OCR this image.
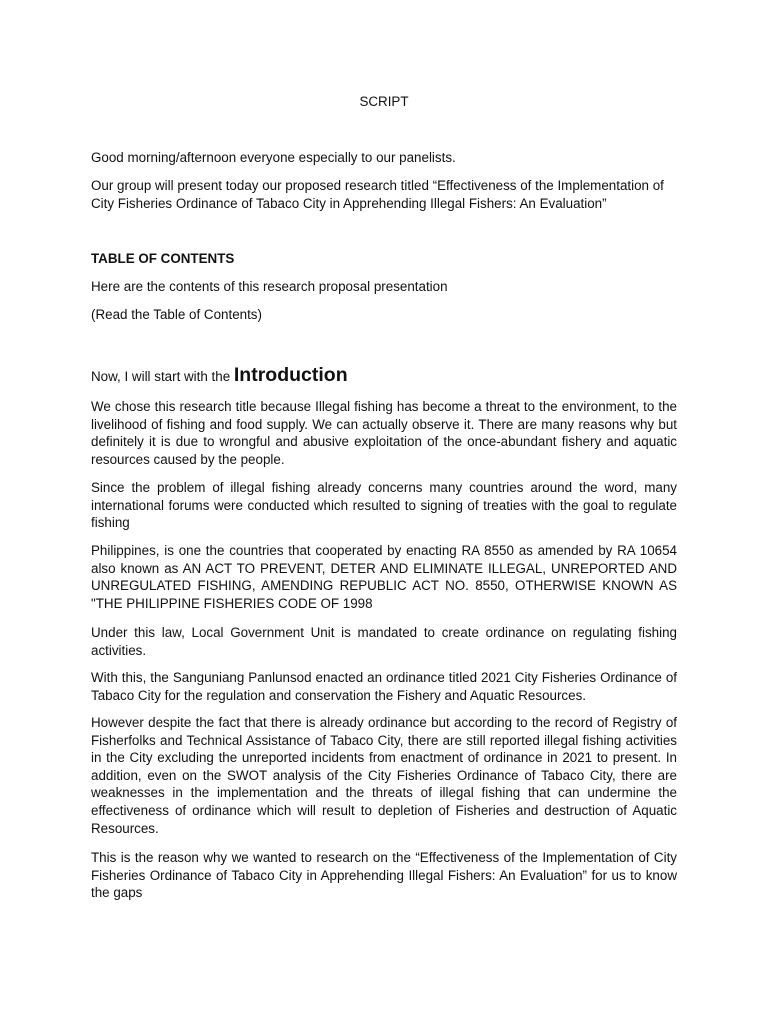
SCRIPT

Good morning/afternoon everyone especially to our panelists.

Our group will present today our proposed research titled “Effectiveness of the Implementation of City Fisheries Ordinance of Tabaco City in Apprehending Illegal Fishers: An Evaluation”

TABLE OF CONTENTS

Here are the contents of this research proposal presentation

(Read the Table of Contents)

Now, I will start with the Introduction

We chose this research title because Illegal fishing has become a threat to the environment, to the livelihood of fishing and food supply. We can actually observe it. There are many reasons why but definitely it is due to wrongful and abusive exploitation of the once-abundant fishery and aquatic resources caused by the people.

Since the problem of illegal fishing already concerns many countries around the word, many international forums were conducted which resulted to signing of treaties with the goal to regulate fishing

Philippines, is one the countries that cooperated by enacting RA 8550 as amended by RA 10654 also known as AN ACT TO PREVENT, DETER AND ELIMINATE ILLEGAL, UNREPORTED AND UNREGULATED FISHING, AMENDING REPUBLIC ACT NO. 8550, OTHERWISE KNOWN AS "THE PHILIPPINE FISHERIES CODE OF 1998

Under this law, Local Government Unit is mandated to create ordinance on regulating fishing activities.

With this, the Sanguniang Panlunsod enacted an ordinance titled 2021 City Fisheries Ordinance of Tabaco City for the regulation and conservation the Fishery and Aquatic Resources.

However despite the fact that there is already ordinance but according to the record of Registry of Fisherfolks and Technical Assistance of Tabaco City, there are still reported illegal fishing activities in the City excluding the unreported incidents from enactment of ordinance in 2021 to present. In addition, even on the SWOT analysis of the City Fisheries Ordinance of Tabaco City, there are weaknesses in the implementation and the threats of illegal fishing that can undermine the effectiveness of ordinance which will result to depletion of Fisheries and destruction of Aquatic Resources.

This is the reason why we wanted to research on the “Effectiveness of the Implementation of City Fisheries Ordinance of Tabaco City in Apprehending Illegal Fishers: An Evaluation” for us to know the gaps
